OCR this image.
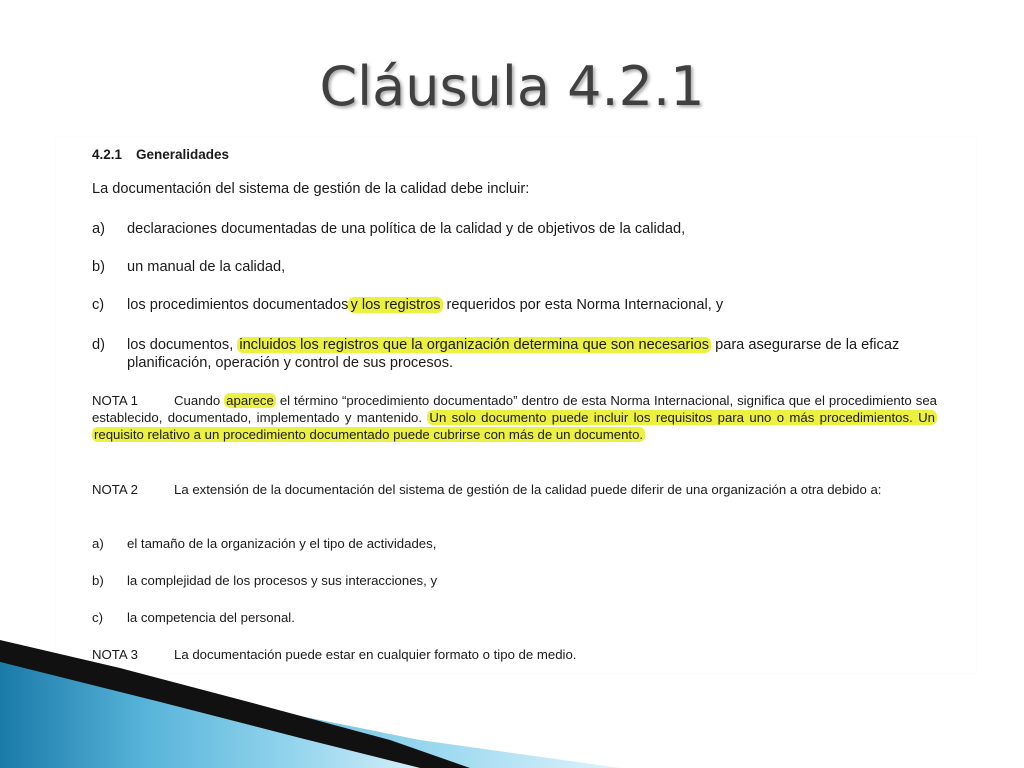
Cláusula 4.2.1

4.2.1 Generalidades

La documentación del sistema de gestión de la calidad debe incluir:

a) declaraciones documentadas de una política de la calidad y de objetivos de la calidad,

b) un manual de la calidad,

c) los procedimientos documentados y los registros requeridos por esta Norma Internacional, y

d) los documentos, incluidos los registros que la organización determina que son necesarios para asegurarse de la eficaz planificación, operación y control de sus procesos.

NOTA 1	Cuando aparece el término “procedimiento documentado” dentro de esta Norma Internacional, significa que el procedimiento sea establecido, documentado, implementado y mantenido. Un solo documento puede incluir los requisitos para uno o más procedimientos. Un requisito relativo a un procedimiento documentado puede cubrirse con más de un documento.

NOTA 2	La extensión de la documentación del sistema de gestión de la calidad puede diferir de una organización a otra debido a:

a) el tamaño de la organización y el tipo de actividades,

b) la complejidad de los procesos y sus interacciones, y

c) la competencia del personal.

NOTA 3	La documentación puede estar en cualquier formato o tipo de medio.
